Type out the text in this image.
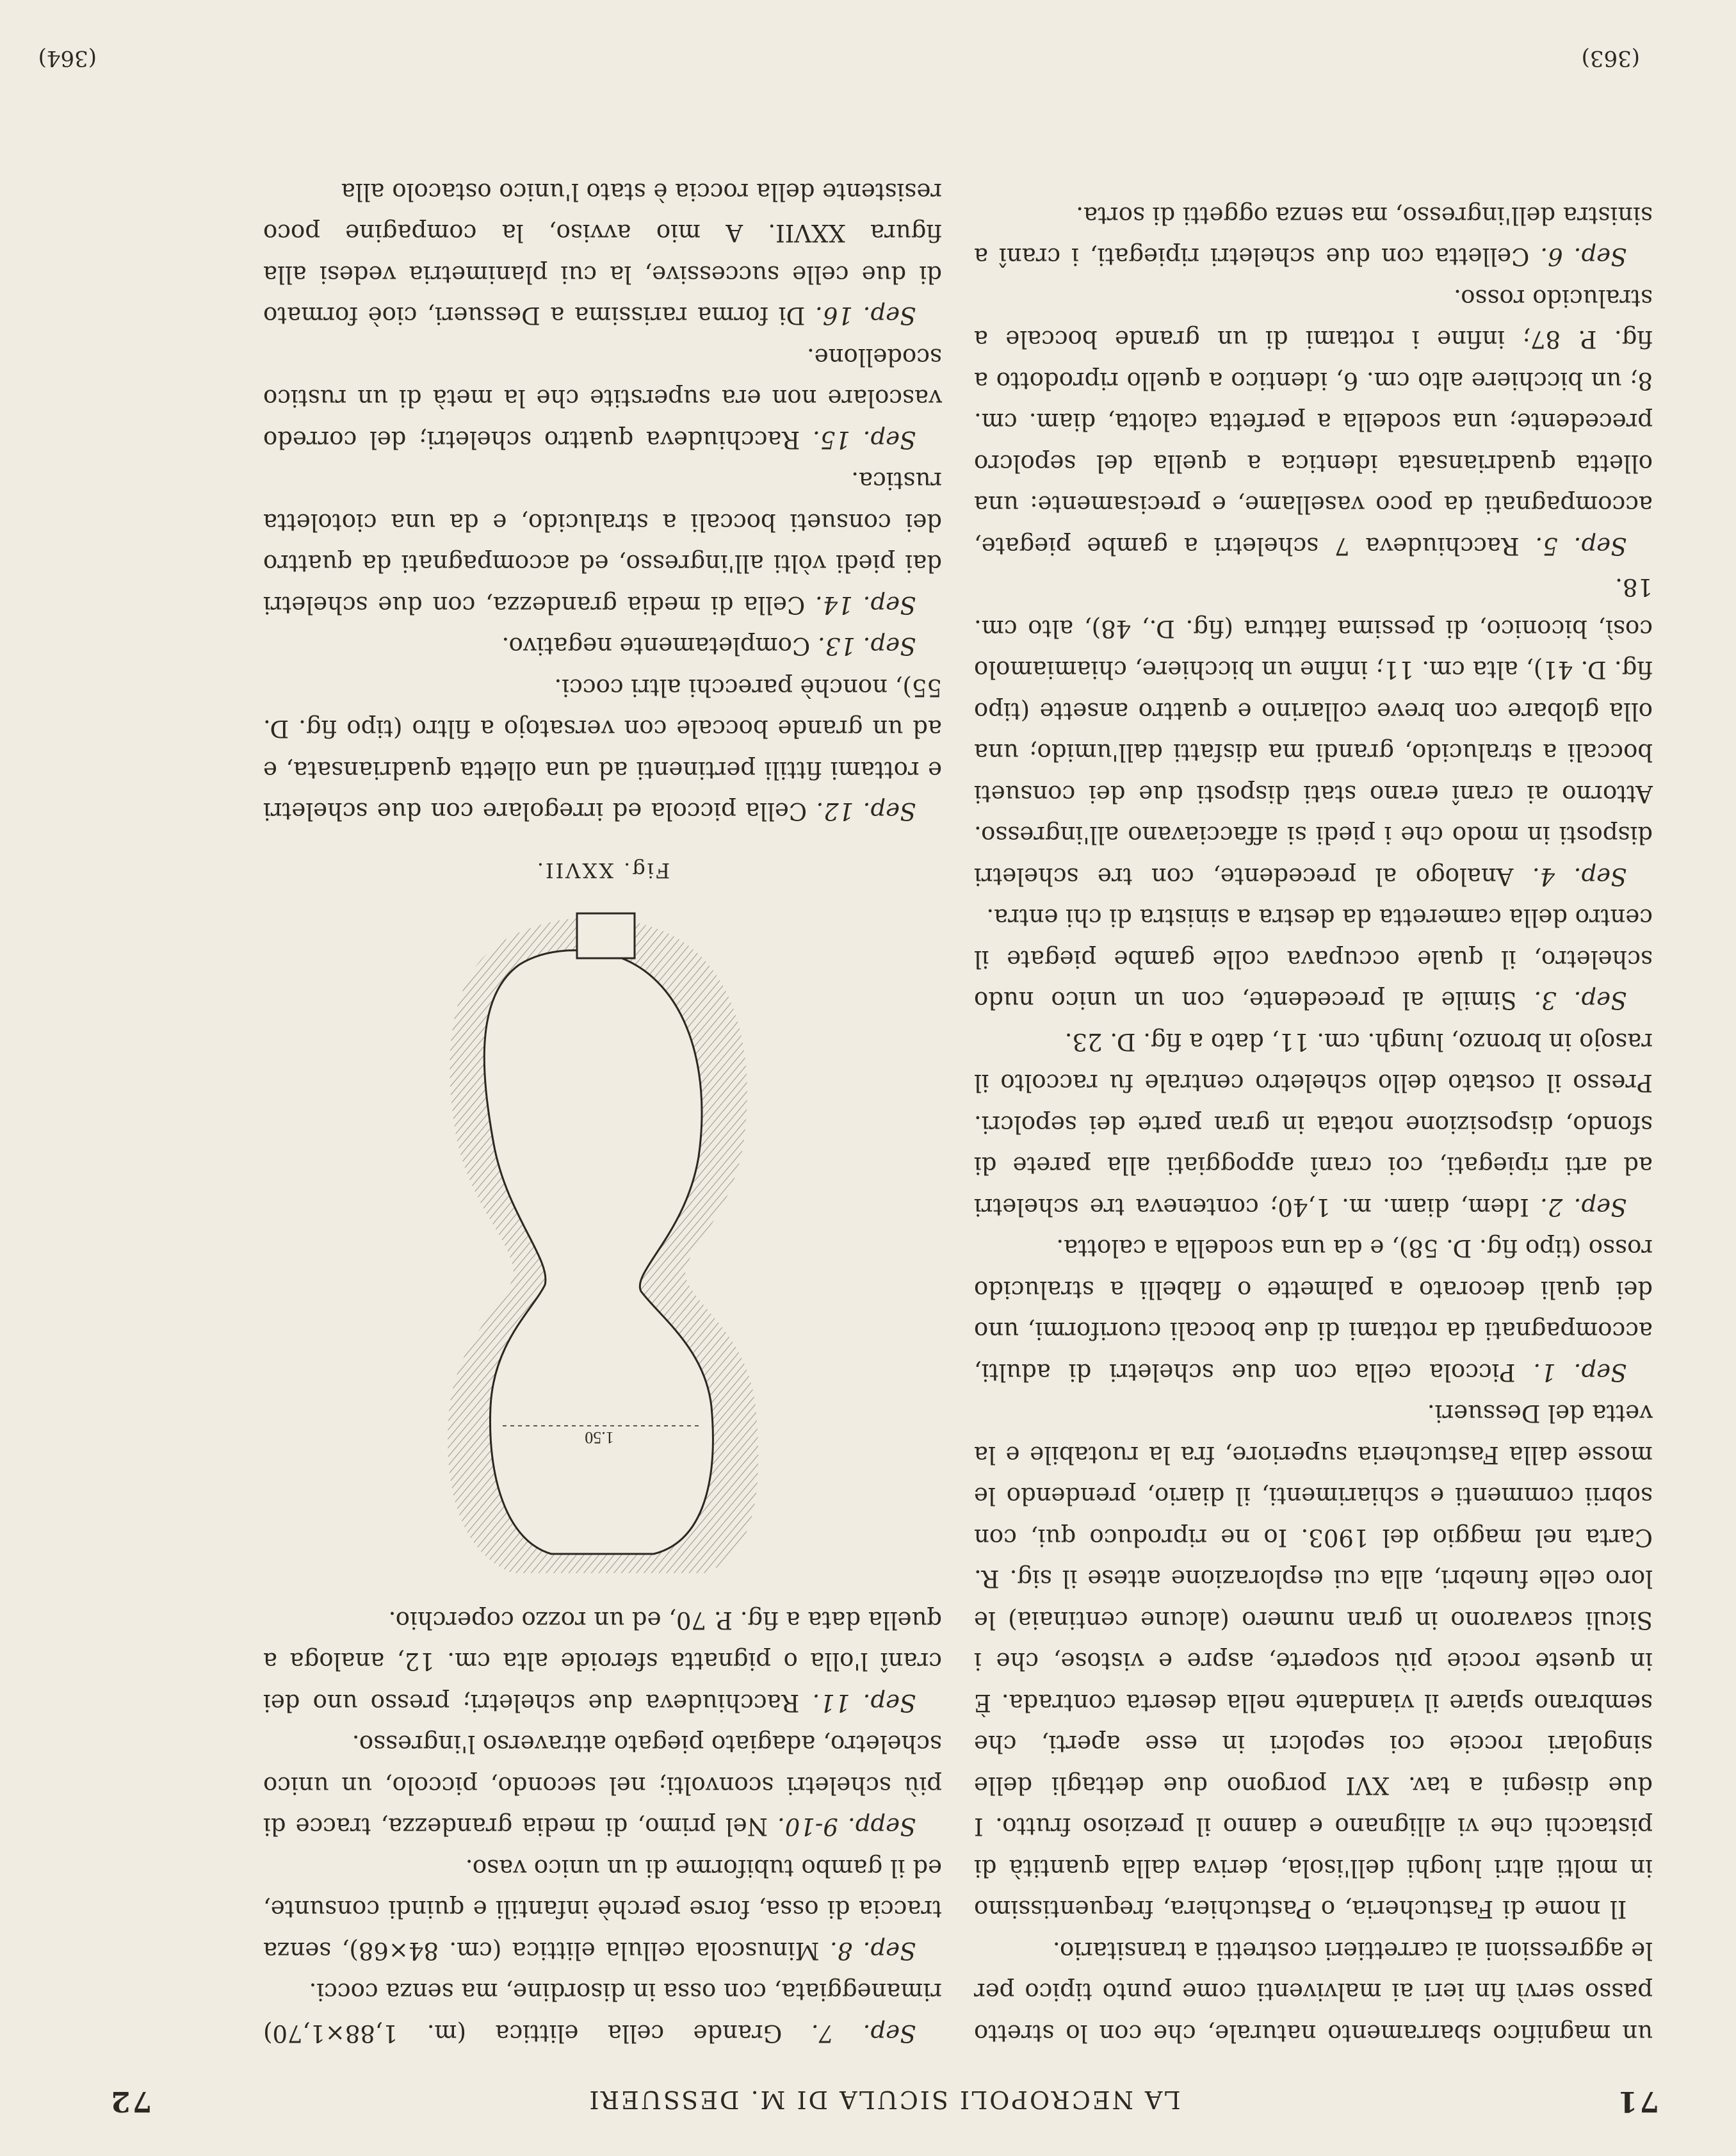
71
LA NECROPOLI SICULA DI M. DESSUERI
72

un magnifico sbarramento naturale, che con lo stretto passo servì fin ieri ai malviventi come punto tipico per le aggressioni ai carrettieri costretti a transitario.

Il nome di Fastucheria, o Pastuchiera, frequentissimo in molti altri luoghi dell'isola, deriva dalla quantità di pistacchi che vi allignano e danno il prezioso frutto. I due disegni a tav. XVI porgono due dettagli delle singolari roccie coi sepolcri in esse aperti, che sembrano spiare il viandante nella deserta contrada. È in queste roccie più scoperte, aspre e vistose, che i Siculi scavarono in gran numero (alcune centinaia) le loro celle funebri, alla cui esplorazione attese il sig. R. Carta nel maggio del 1903. Io ne riproduco qui, con sobrii commenti e schiarimenti, il diario, prendendo le mosse dalla Fastucheria superiore, fra la ruotabile e la vetta del Dessueri.

Sep. 1. Piccola cella con due scheletri di adulti, accompagnati da rottami di due boccali cuoriformi, uno dei quali decorato a palmette o flabelli a stralucido rosso (tipo fig. D. 58), e da una scodella a calotta.

Sep. 2. Idem, diam. m. 1,40; conteneva tre scheletri ad arti ripiegati, coi cranî appoggiati alla parete di sfondo, disposizione notata in gran parte dei sepolcri. Presso il costato dello scheletro centrale fu raccolto il rasojo in bronzo, lungh. cm. 11, dato a fig. D. 23.

Sep. 3. Simile al precedente, con un unico nudo scheletro, il quale occupava colle gambe piegate il centro della cameretta da destra a sinistra di chi entra.

Sep. 4. Analogo al precedente, con tre scheletri disposti in modo che i piedi si affacciavano all'ingresso. Attorno ai cranî erano stati disposti due dei consueti boccali a stralucido, grandi ma disfatti dall'umido; una olla globare con breve collarino e quattro ansette (tipo fig. D. 41), alta cm. 11; infine un bicchiere, chiamiamolo così, biconico, di pessima fattura (fig. D., 48), alto cm. 18.

Sep. 5. Racchiudeva 7 scheletri a gambe piegate, accompagnati da poco vasellame, e precisamente: una olletta quadriansata identica a quella del sepolcro precedente; una scodella a perfetta calotta, diam. cm. 8; un bicchiere alto cm. 6, identico a quello riprodotto a fig. P. 87; infine i rottami di un grande boccale a stralucido rosso.

Sep. 6. Celletta con due scheletri ripiegati, i cranî a sinistra dell'ingresso, ma senza oggetti di sorta.

Sep. 7. Grande cella elittica (m. 1,88×1,70) rimaneggiata, con ossa in disordine, ma senza cocci.

Sep. 8. Minuscola cellula elittica (cm. 84×68), senza traccia di ossa, forse perchè infantili e quindi consunte, ed il gambo tubiforme di un unico vaso.

Sepp. 9-10. Nel primo, di media grandezza, tracce di più scheletri sconvolti; nel secondo, piccolo, un unico scheletro, adagiato piegato attraverso l'ingresso.

Sep. 11. Racchiudeva due scheletri; presso uno dei cranî l'olla o pignatta sferoide alta cm. 12, analoga a quella data a fig. P. 70, ed un rozzo coperchio.

1.50
Fig. XXVII.

Sep. 12. Cella piccola ed irregolare con due scheletri e rottami fittili pertinenti ad una olletta quadriansata, e ad un grande boccale con versatojo a filtro (tipo fig. D. 55), nonchè parecchi altri cocci.

Sep. 13. Completamente negativo.

Sep. 14. Cella di media grandezza, con due scheletri dai piedi vòlti all'ingresso, ed accompagnati da quattro dei consueti boccali a stralucido, e da una ciotoletta rustica.

Sep. 15. Racchiudeva quattro scheletri; del corredo vascolare non era superstite che la metà di un rustico scodellone.

Sep. 16. Di forma rarissima a Dessueri, cioè formato di due celle successive, la cui planimetria vedesi alla figura XXVII. A mio avviso, la compagine poco resistente della roccia è stato l'unico ostacolo alla

(363)
(364)
